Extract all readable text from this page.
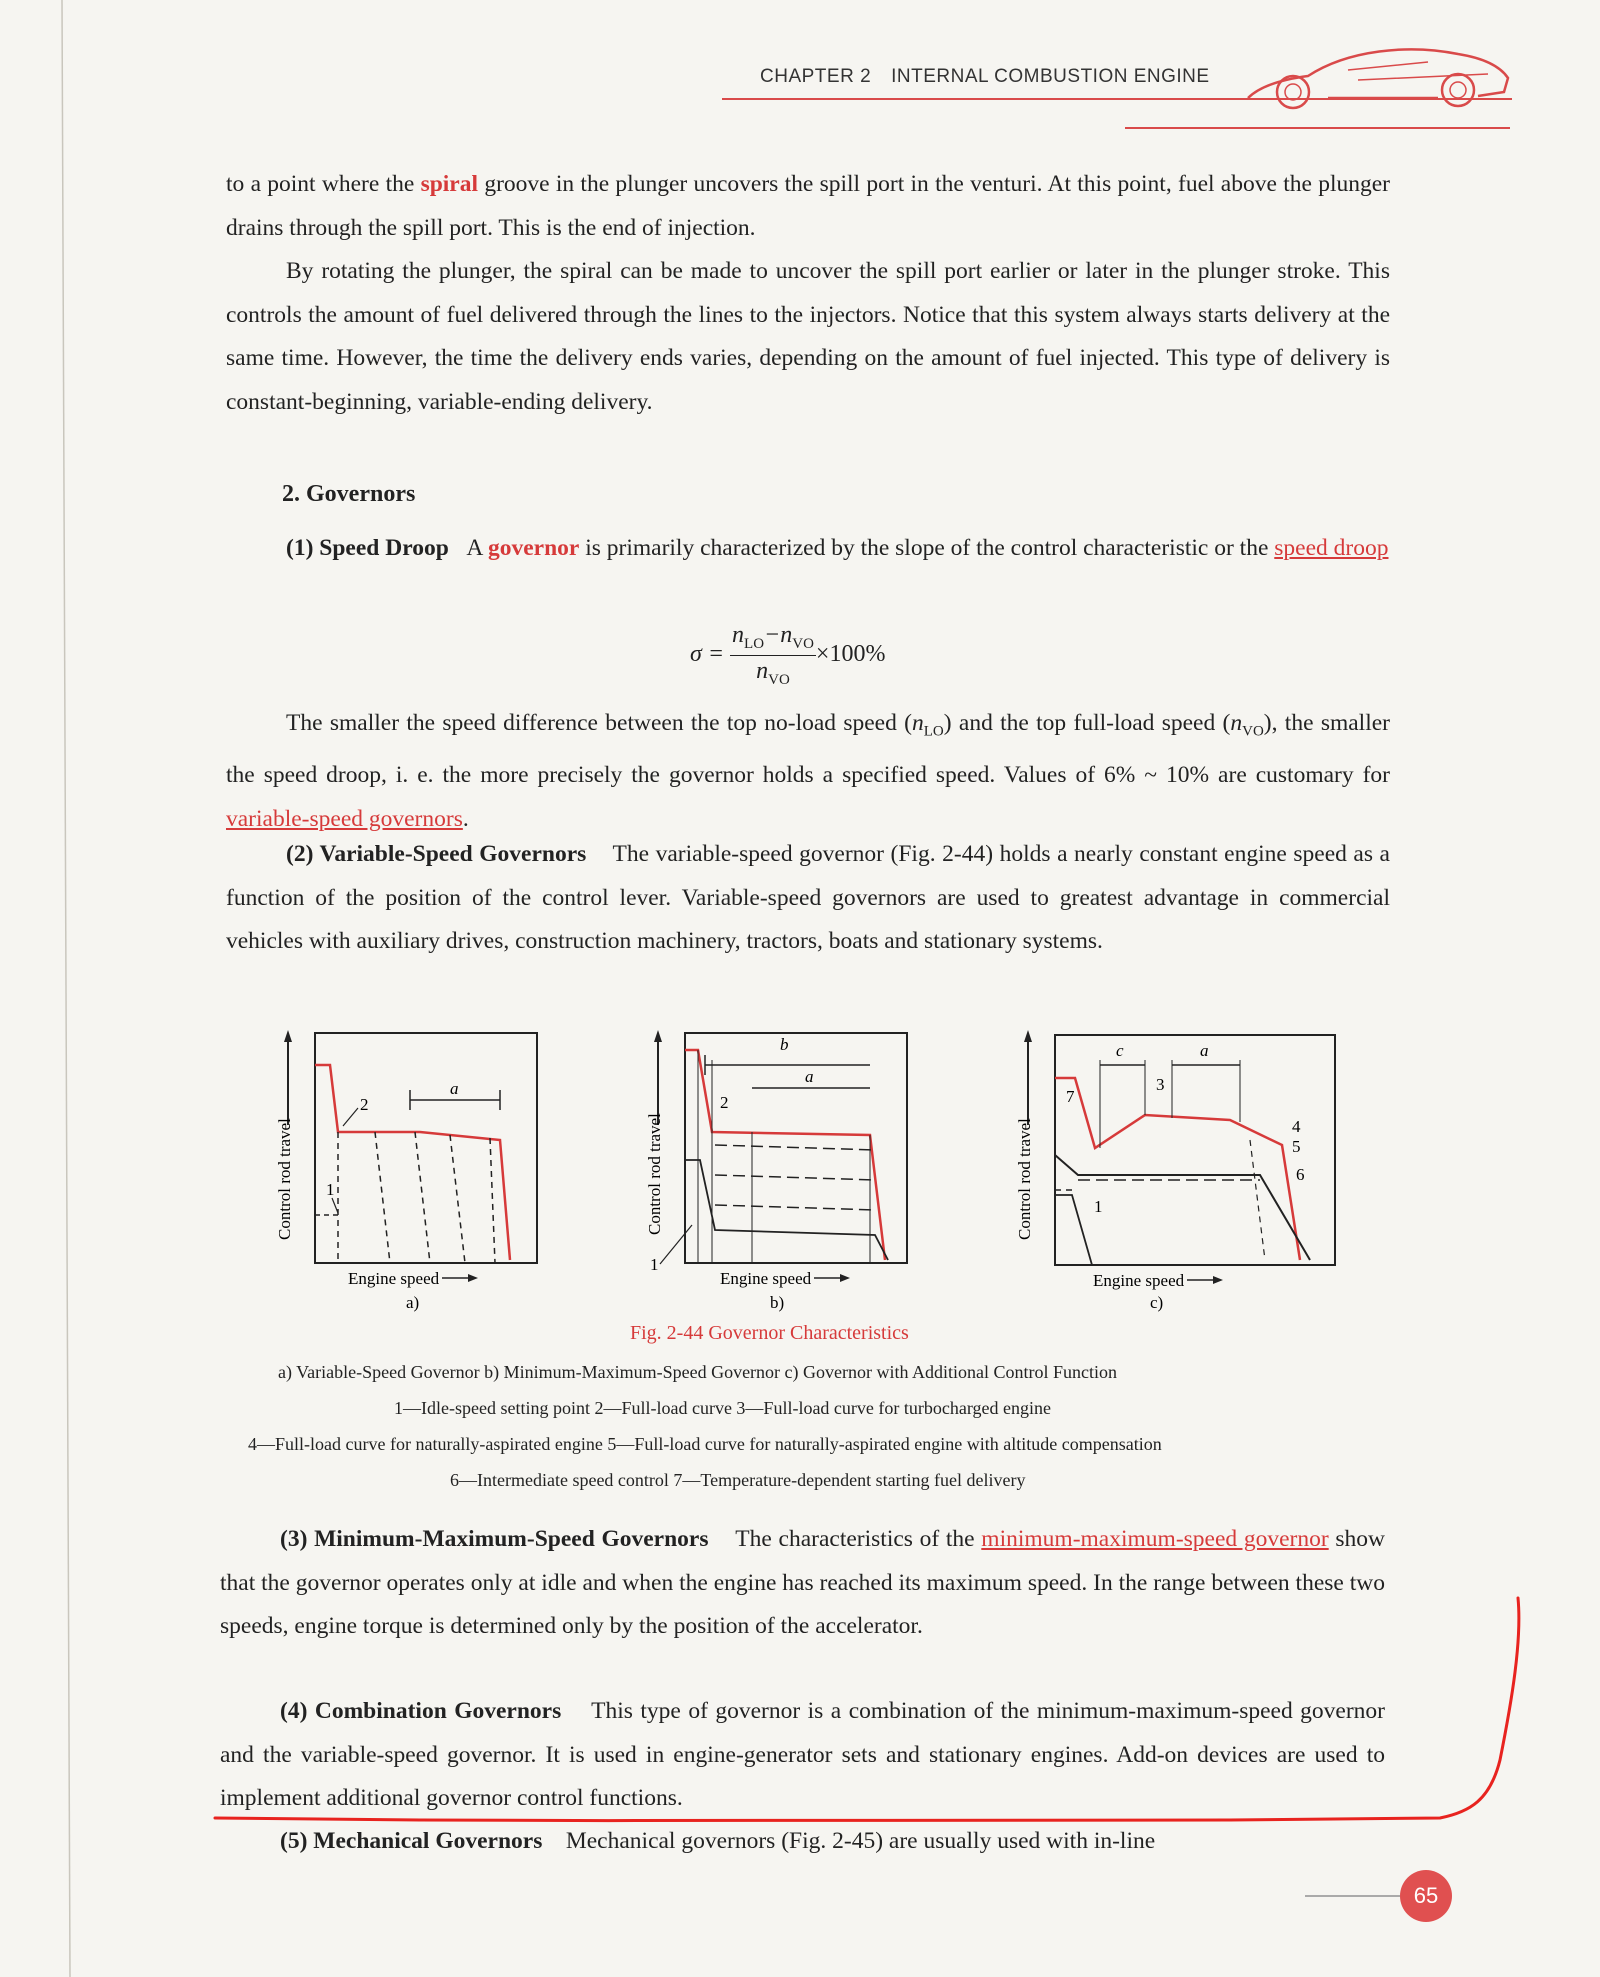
CHAPTER 2 INTERNAL COMBUSTION ENGINE

to a point where the spiral groove in the plunger uncovers the spill port in the venturi. At this point, fuel above the plunger drains through the spill port. This is the end of injection.

By rotating the plunger, the spiral can be made to uncover the spill port earlier or later in the plunger stroke. This controls the amount of fuel delivered through the lines to the injectors. Notice that this system always starts delivery at the same time. However, the time the delivery ends varies, depending on the amount of fuel injected. This type of delivery is constant-beginning, variable-ending delivery.

2. Governors

(1) Speed Droop A governor is primarily characterized by the slope of the control characteristic or the speed droop

$\sigma = \frac{n_{LO}-n_{VO}}{n_{VO}} \times 100\%$

The smaller the speed difference between the top no-load speed $(n_{LO})$ and the top full-load speed $(n_{VO})$, the smaller the speed droop, i. e. the more precisely the governor holds a specified speed. Values of 6% ~ 10% are customary for variable-speed governors.

(2) Variable-Speed Governors The variable-speed governor (Fig. 2-44) holds a nearly constant engine speed as a function of the position of the control lever. Variable-speed governors are used to greatest advantage in commercial vehicles with auxiliary drives, construction machinery, tractors, boats and stationary systems.

Control rod travel
a
2
1
Engine speed
a)
Control rod travel
b
a
2
1
Engine speed
b)
Control rod travel
c	a
3
7
1
4
5
6
Engine speed
c)
Fig. 2-44 Governor Characteristics
a) Variable-Speed Governor b) Minimum-Maximum-Speed Governor c) Governor with Additional Control Function
1—Idle-speed setting point 2—Full-load curve 3—Full-load curve for turbocharged engine
4—Full-load curve for naturally-aspirated engine 5—Full-load curve for naturally-aspirated engine with altitude compensation
6—Intermediate speed control 7—Temperature-dependent starting fuel delivery

(3) Minimum-Maximum-Speed Governors The characteristics of the minimum-maximum-speed governor show that the governor operates only at idle and when the engine has reached its maximum speed. In the range between these two speeds, engine torque is determined only by the position of the accelerator.

(4) Combination Governors This type of governor is a combination of the minimum-maximum-speed governor and the variable-speed governor. It is used in engine-generator sets and stationary engines. Add-on devices are used to implement additional governor control functions.

(5) Mechanical Governors Mechanical governors (Fig. 2-45) are usually used with in-line

65
